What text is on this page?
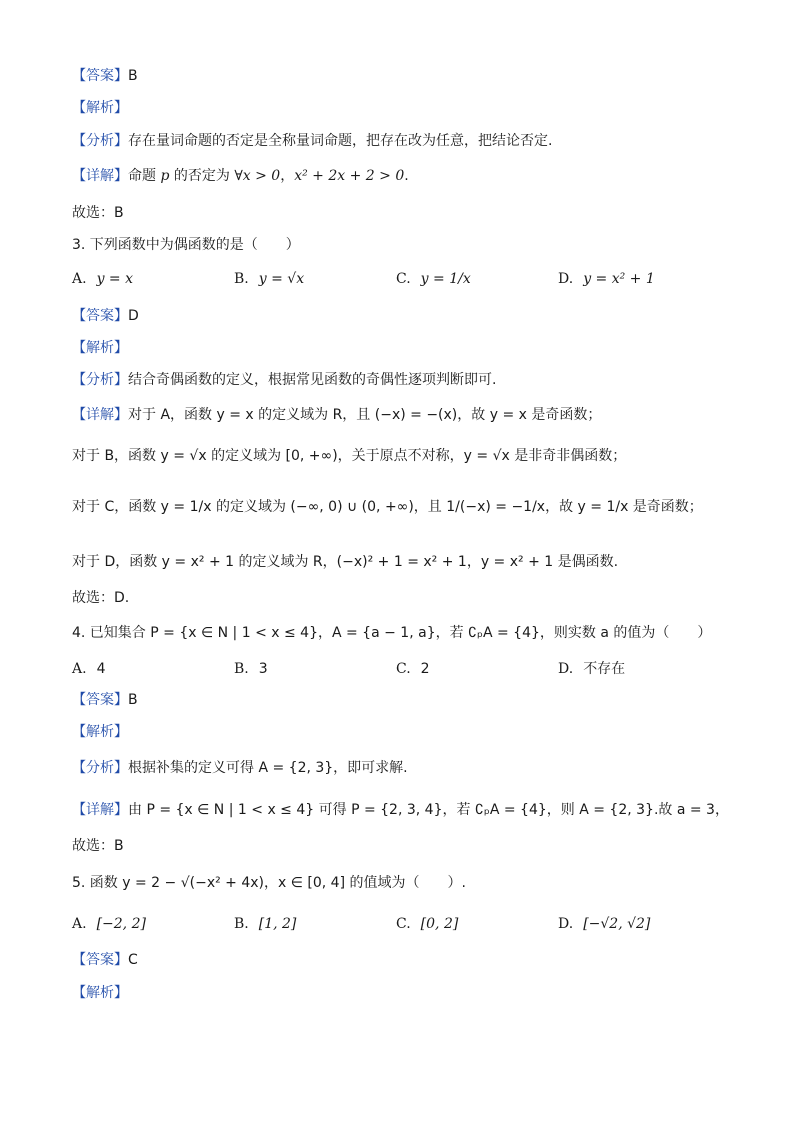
【答案】B
【解析】
【分析】存在量词命题的否定是全称量词命题，把存在改为任意，把结论否定.
【详解】命题 p 的否定为 ∀x > 0，x² + 2x + 2 > 0.
故选：B
3. 下列函数中为偶函数的是（　　）
A. y = x	B. y = √x	C. y = 1/x	D. y = x² + 1
【答案】D
【解析】
【分析】结合奇偶函数的定义，根据常见函数的奇偶性逐项判断即可.
【详解】对于 A，函数 y = x 的定义域为 R，且 (−x) = −(x)，故 y = x 是奇函数；
对于 B，函数 y = √x 的定义域为 [0, +∞)，关于原点不对称，y = √x 是非奇非偶函数；
对于 C，函数 y = 1/x 的定义域为 (−∞, 0) ∪ (0, +∞)，且 1/(−x) = −1/x，故 y = 1/x 是奇函数；
对于 D，函数 y = x² + 1 的定义域为 R，(−x)² + 1 = x² + 1，y = x² + 1 是偶函数.
故选：D.
4. 已知集合 P = {x ∈ N | 1 < x ≤ 4}，A = {a − 1, a}，若 ∁ₚA = {4}，则实数 a 的值为（　　）
A. 4	B. 3	C. 2	D. 不存在
【答案】B
【解析】
【分析】根据补集的定义可得 A = {2, 3}，即可求解.
【详解】由 P = {x ∈ N | 1 < x ≤ 4} 可得 P = {2, 3, 4}，若 ∁ₚA = {4}，则 A = {2, 3}.故 a = 3，
故选：B
5. 函数 y = 2 − √(−x² + 4x)，x ∈ [0, 4] 的值域为（　　）.
A. [−2, 2]	B. [1, 2]	C. [0, 2]	D. [−√2, √2]
【答案】C
【解析】
